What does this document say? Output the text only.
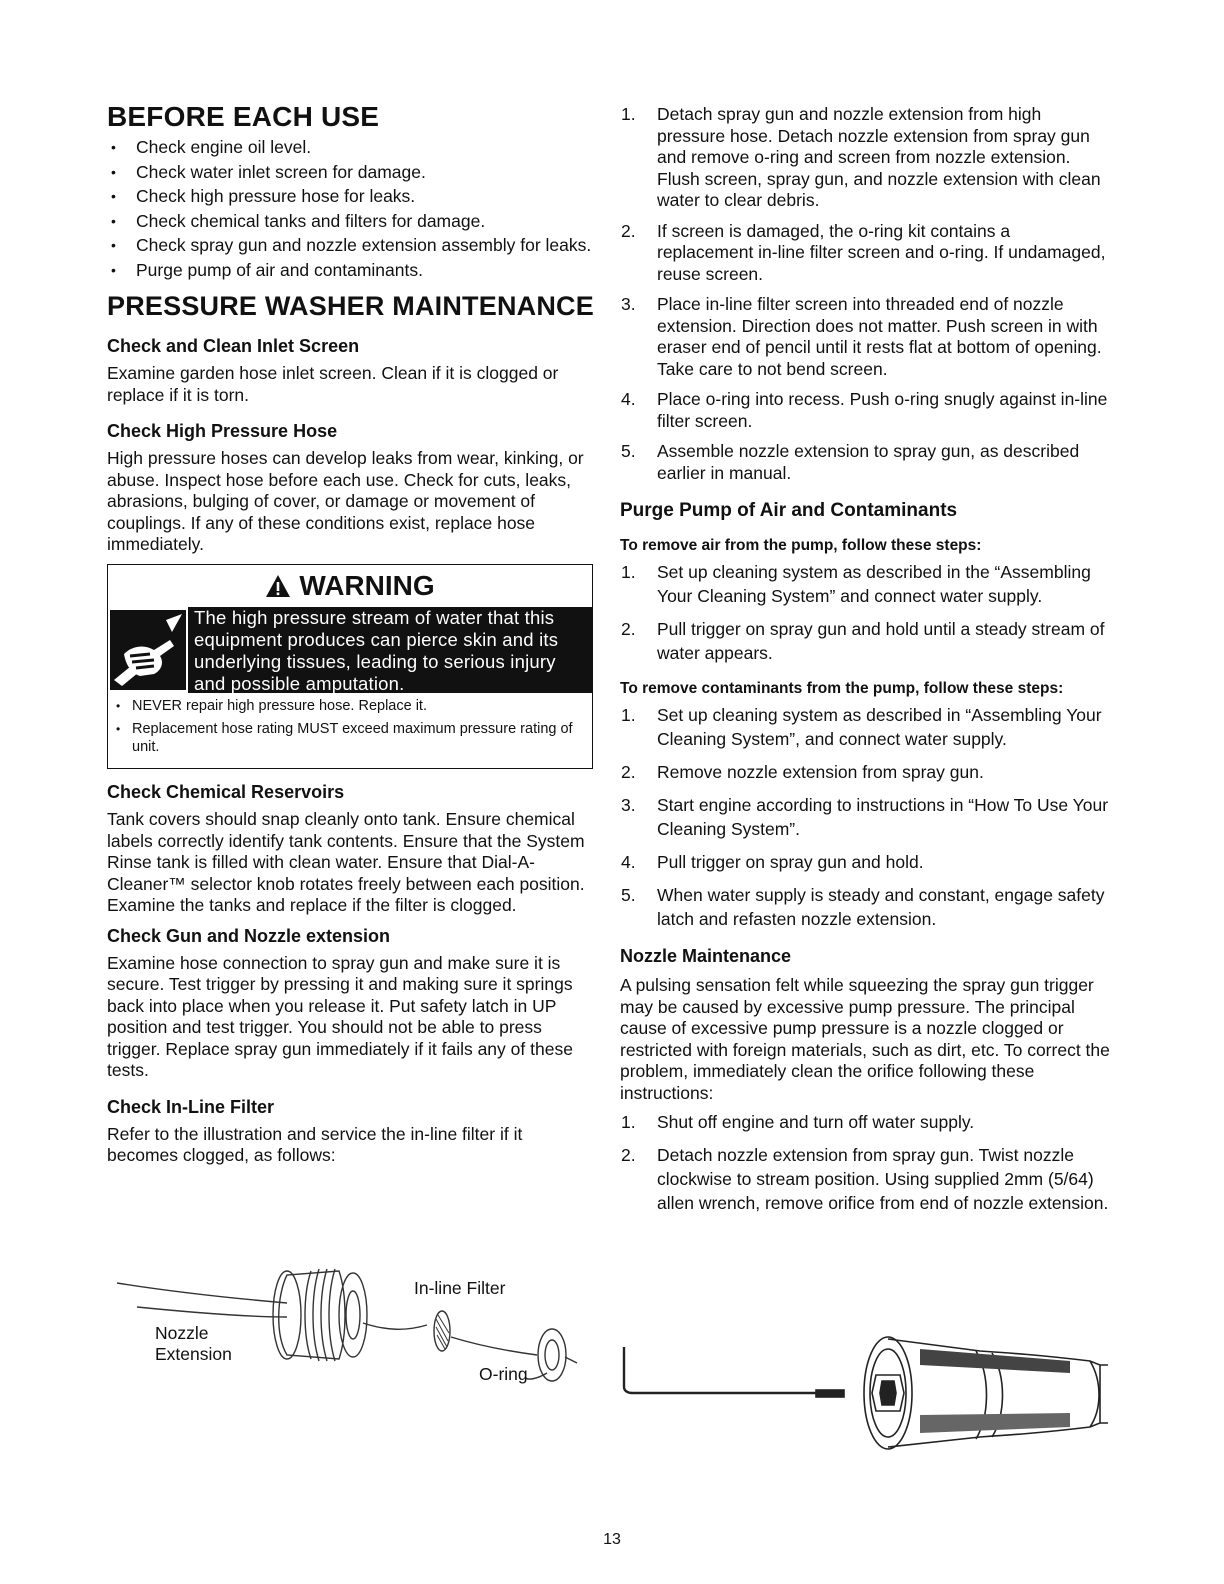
BEFORE EACH USE
• Check engine oil level.
• Check water inlet screen for damage.
• Check high pressure hose for leaks.
• Check chemical tanks and filters for damage.
• Check spray gun and nozzle extension assembly for leaks.
• Purge pump of air and contaminants.
PRESSURE WASHER MAINTENANCE
Check and Clean Inlet Screen

Examine garden hose inlet screen. Clean if it is clogged or replace if it is torn.

Check High Pressure Hose

High pressure hoses can develop leaks from wear, kinking, or abuse. Inspect hose before each use. Check for cuts, leaks, abrasions, bulging of cover, or damage or movement of couplings. If any of these conditions exist, replace hose immediately.

WARNING
The high pressure stream of water that this equipment produces can pierce skin and its underlying tissues, leading to serious injury and possible amputation.
• NEVER repair high pressure hose. Replace it.
• Replacement hose rating MUST exceed maximum pressure rating of unit.
Check Chemical Reservoirs

Tank covers should snap cleanly onto tank. Ensure chemical labels correctly identify tank contents. Ensure that the System Rinse tank is filled with clean water. Ensure that Dial-A-Cleaner™ selector knob rotates freely between each position. Examine the tanks and replace if the filter is clogged.

Check Gun and Nozzle extension

Examine hose connection to spray gun and make sure it is secure. Test trigger by pressing it and making sure it springs back into place when you release it. Put safety latch in UP position and test trigger. You should not be able to press trigger. Replace spray gun immediately if it fails any of these tests.

Check In-Line Filter

Refer to the illustration and service the in-line filter if it becomes clogged, as follows:

In-line Filter
Nozzle
Extension
O-ring
1. Detach spray gun and nozzle extension from high pressure hose. Detach nozzle extension from spray gun and remove o-ring and screen from nozzle extension. Flush screen, spray gun, and nozzle extension with clean water to clear debris.
2. If screen is damaged, the o-ring kit contains a replacement in-line filter screen and o-ring. If undamaged, reuse screen.
3. Place in-line filter screen into threaded end of nozzle extension. Direction does not matter. Push screen in with eraser end of pencil until it rests flat at bottom of opening. Take care to not bend screen.
4. Place o-ring into recess. Push o-ring snugly against in-line filter screen.
5. Assemble nozzle extension to spray gun, as described earlier in manual.
Purge Pump of Air and Contaminants

To remove air from the pump, follow these steps:

1. Set up cleaning system as described in the “Assembling Your Cleaning System” and connect water supply.
2. Pull trigger on spray gun and hold until a steady stream of water appears.

To remove contaminants from the pump, follow these steps:

1. Set up cleaning system as described in “Assembling Your Cleaning System”, and connect water supply.
2. Remove nozzle extension from spray gun.
3. Start engine according to instructions in “How To Use Your Cleaning System”.
4. Pull trigger on spray gun and hold.
5. When water supply is steady and constant, engage safety latch and refasten nozzle extension.
Nozzle Maintenance

A pulsing sensation felt while squeezing the spray gun trigger may be caused by excessive pump pressure. The principal cause of excessive pump pressure is a nozzle clogged or restricted with foreign materials, such as dirt, etc. To correct the problem, immediately clean the orifice following these instructions:

1. Shut off engine and turn off water supply.
2. Detach nozzle extension from spray gun. Twist nozzle clockwise to stream position. Using supplied 2mm (5/64) allen wrench, remove orifice from end of nozzle extension.
13
